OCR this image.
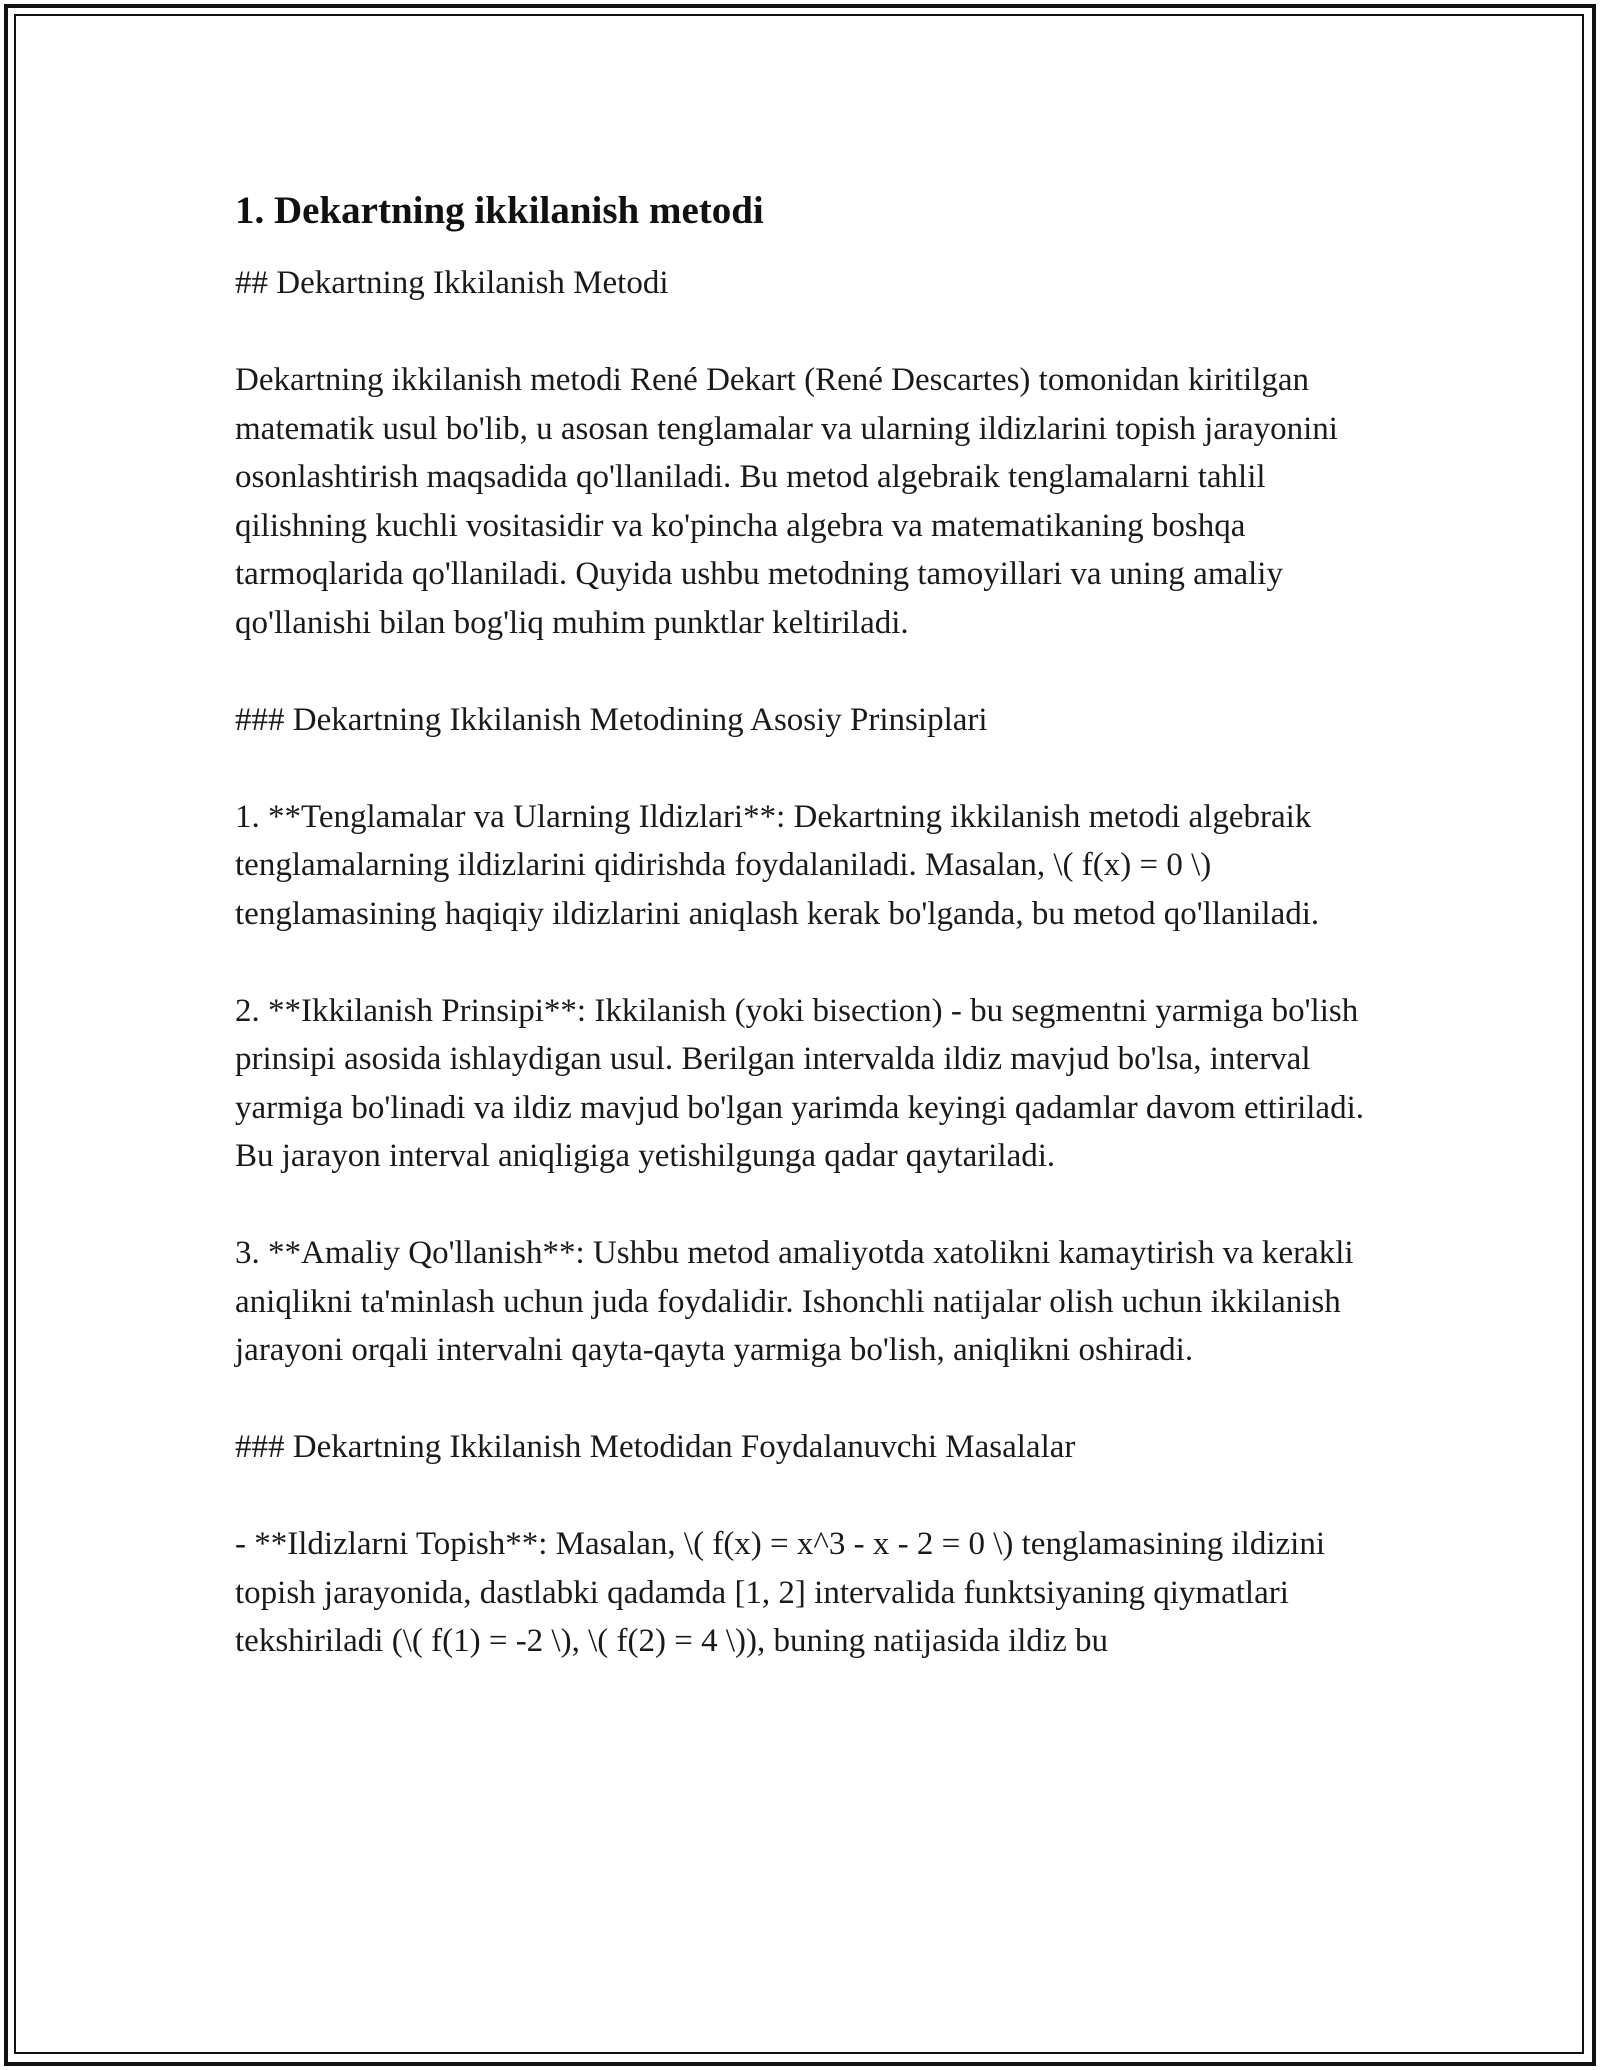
1. Dekartning ikkilanish metodi

## Dekartning Ikkilanish Metodi

Dekartning ikkilanish metodi René Dekart (René Descartes) tomonidan kiritilgan matematik usul bo'lib, u asosan tenglamalar va ularning ildizlarini topish jarayonini osonlashtirish maqsadida qo'llaniladi. Bu metod algebraik tenglamalarni tahlil qilishning kuchli vositasidir va ko'pincha algebra va matematikaning boshqa tarmoqlarida qo'llaniladi. Quyida ushbu metodning tamoyillari va uning amaliy qo'llanishi bilan bog'liq muhim punktlar keltiriladi.

### Dekartning Ikkilanish Metodining Asosiy Prinsiplari

1. **Tenglamalar va Ularning Ildizlari**: Dekartning ikkilanish metodi algebraik tenglamalarning ildizlarini qidirishda foydalaniladi. Masalan, \( f(x) = 0 \) tenglamasining haqiqiy ildizlarini aniqlash kerak bo'lganda, bu metod qo'llaniladi.

2. **Ikkilanish Prinsipi**: Ikkilanish (yoki bisection) - bu segmentni yarmiga bo'lish prinsipi asosida ishlaydigan usul. Berilgan intervalda ildiz mavjud bo'lsa, interval yarmiga bo'linadi va ildiz mavjud bo'lgan yarimda keyingi qadamlar davom ettiriladi. Bu jarayon interval aniqligiga yetishilgunga qadar qaytariladi.

3. **Amaliy Qo'llanish**: Ushbu metod amaliyotda xatolikni kamaytirish va kerakli aniqlikni ta'minlash uchun juda foydalidir. Ishonchli natijalar olish uchun ikkilanish jarayoni orqali intervalni qayta-qayta yarmiga bo'lish, aniqlikni oshiradi.

### Dekartning Ikkilanish Metodidan Foydalanuvchi Masalalar

- **Ildizlarni Topish**: Masalan, \( f(x) = x^3 - x - 2 = 0 \) tenglamasining ildizini topish jarayonida, dastlabki qadamda [1, 2] intervalida funktsiyaning qiymatlari tekshiriladi (\( f(1) = -2 \), \( f(2) = 4 \)), buning natijasida ildiz bu
